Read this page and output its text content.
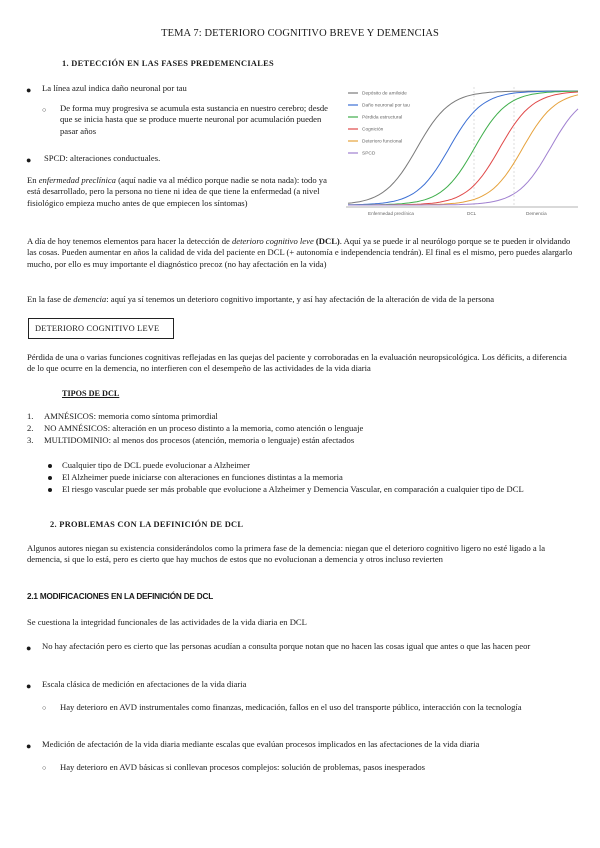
TEMA 7: DETERIORO COGNITIVO BREVE Y DEMENCIAS
1. DETECCIÓN EN LAS FASES PREDEMENCIALES
● La línea azul indica daño neuronal por tau
○ De forma muy progresiva se acumula esta sustancia en nuestro cerebro; desde que se inicia hasta que se produce muerte neuronal por acumulación pueden pasar años
● SPCD: alteraciones conductuales.
En enfermedad preclínica (aquí nadie va al médico porque nadie se nota nada): todo ya está desarrollado, pero la persona no tiene ni idea de que tiene la enfermedad (a nivel fisiológico empieza mucho antes de que empiecen los síntomas)
Depósito de amiloide
Daño neuronal por tau
Pérdida estructural
Cognición
Deterioro funcional
SPCD
Enfermedad preclínica	DCL	Demencia
A día de hoy tenemos elementos para hacer la detección de deterioro cognitivo leve (DCL). Aquí ya se puede ir al neurólogo porque se te pueden ir olvidando las cosas. Pueden aumentar en años la calidad de vida del paciente en DCL (+ autonomía e independencia tendrán). El final es el mismo, pero puedes alargarlo mucho, por ello es muy importante el diagnóstico precoz (no hay afectación en la vida)
En la fase de demencia: aquí ya sí tenemos un deterioro cognitivo importante, y así hay afectación de la alteración de vida de la persona
DETERIORO COGNITIVO LEVE
Pérdida de una o varias funciones cognitivas reflejadas en las quejas del paciente y corroboradas en la evaluación neuropsicológica. Los déficits, a diferencia de lo que ocurre en la demencia, no interfieren con el desempeño de las actividades de la vida diaria
TIPOS DE DCL
1. AMNÉSICOS: memoria como síntoma primordial
2. NO AMNÉSICOS: alteración en un proceso distinto a la memoria, como atención o lenguaje
3. MULTIDOMINIO: al menos dos procesos (atención, memoria o lenguaje) están afectados
Cualquier tipo de DCL puede evolucionar a Alzheimer
El Alzheimer puede iniciarse con alteraciones en funciones distintas a la memoria
El riesgo vascular puede ser más probable que evolucione a Alzheimer y Demencia Vascular, en comparación a cualquier tipo de DCL
2. PROBLEMAS CON LA DEFINICIÓN DE DCL
Algunos autores niegan su existencia considerándolos como la primera fase de la demencia: niegan que el deterioro cognitivo ligero no esté ligado a la demencia, si que lo está, pero es cierto que hay muchos de estos que no evolucionan a demencia y otros incluso revierten
2.1 MODIFICACIONES EN LA DEFINICIÓN DE DCL
Se cuestiona la integridad funcionales de las actividades de la vida diaria en DCL
● No hay afectación pero es cierto que las personas acudían a consulta porque notan que no hacen las cosas igual que antes o que las hacen peor
● Escala clásica de medición en afectaciones de la vida diaria
○ Hay deterioro en AVD instrumentales como finanzas, medicación, fallos en el uso del transporte público, interacción con la tecnología
● Medición de afectación de la vida diaria mediante escalas que evalúan procesos implicados en las afectaciones de la vida diaria
○ Hay deterioro en AVD básicas si conllevan procesos complejos: solución de problemas, pasos inesperados
